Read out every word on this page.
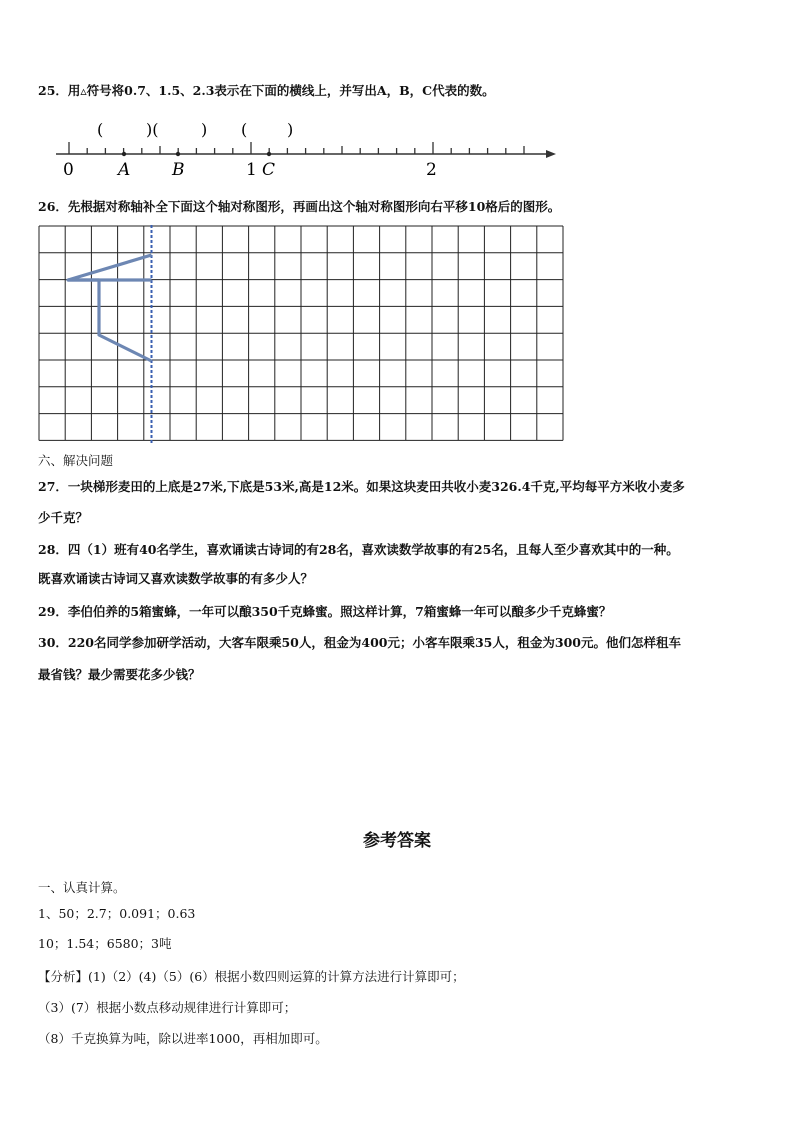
25．用▵符号将0.7、1.5、2.3表示在下面的横线上，并写出A，B，C代表的数。
(	)(	) ( )
0	A B	1 C	2
26．先根据对称轴补全下面这个轴对称图形，再画出这个轴对称图形向右平移10格后的图形。
六、解决问题
27．一块梯形麦田的上底是27米,下底是53米,高是12米。如果这块麦田共收小麦326.4千克,平均每平方米收小麦多
少千克？
28．四（1）班有40名学生，喜欢诵读古诗词的有28名，喜欢读数学故事的有25名，且每人至少喜欢其中的一种。
既喜欢诵读古诗词又喜欢读数学故事的有多少人？
29．李伯伯养的5箱蜜蜂，一年可以酿350千克蜂蜜。照这样计算，7箱蜜蜂一年可以酿多少千克蜂蜜？
30．220名同学参加研学活动，大客车限乘50人，租金为400元；小客车限乘35人，租金为300元。他们怎样租车
最省钱？最少需要花多少钱？
参考答案
一、认真计算。
1、50；2.7；0.091；0.63
10；1.54；6580；3吨
【分析】(1)（2）(4)（5）(6）根据小数四则运算的计算方法进行计算即可；
（3）(7）根据小数点移动规律进行计算即可；
（8）千克换算为吨，除以进率1000，再相加即可。
